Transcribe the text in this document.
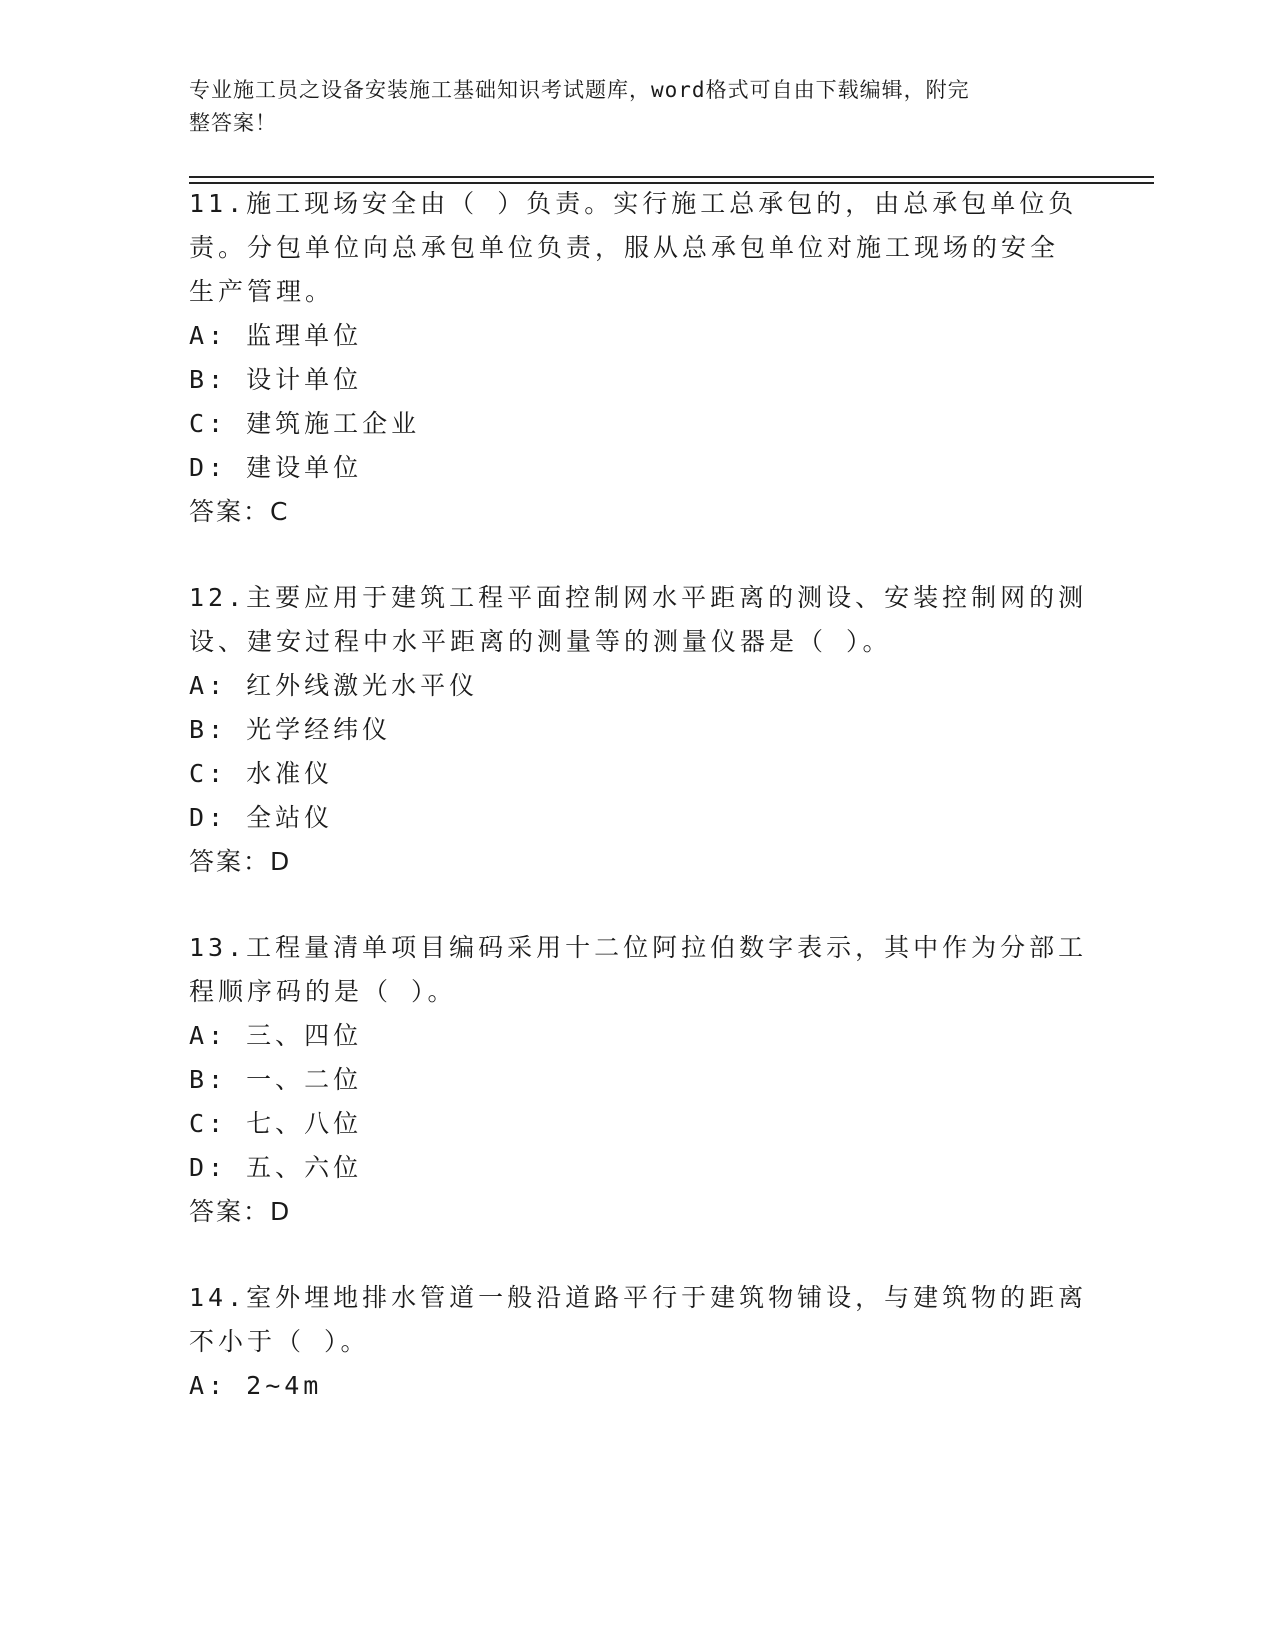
专业施工员之设备安装施工基础知识考试题库，word格式可自由下载编辑，附完
整答案！
11.施工现场安全由（ ）负责。实行施工总承包的，由总承包单位负
责。分包单位向总承包单位负责，服从总承包单位对施工现场的安全
生产管理。
A: 监理单位
B: 设计单位
C: 建筑施工企业
D: 建设单位
答案：C
12.主要应用于建筑工程平面控制网水平距离的测设、安装控制网的测
设、建安过程中水平距离的测量等的测量仪器是（ ）。
A: 红外线激光水平仪
B: 光学经纬仪
C: 水准仪
D: 全站仪
答案：D
13.工程量清单项目编码采用十二位阿拉伯数字表示，其中作为分部工
程顺序码的是（ ）。
A: 三、四位
B: 一、二位
C: 七、八位
D: 五、六位
答案：D
14.室外埋地排水管道一般沿道路平行于建筑物铺设，与建筑物的距离
不小于（ ）。
A: 2~4m
